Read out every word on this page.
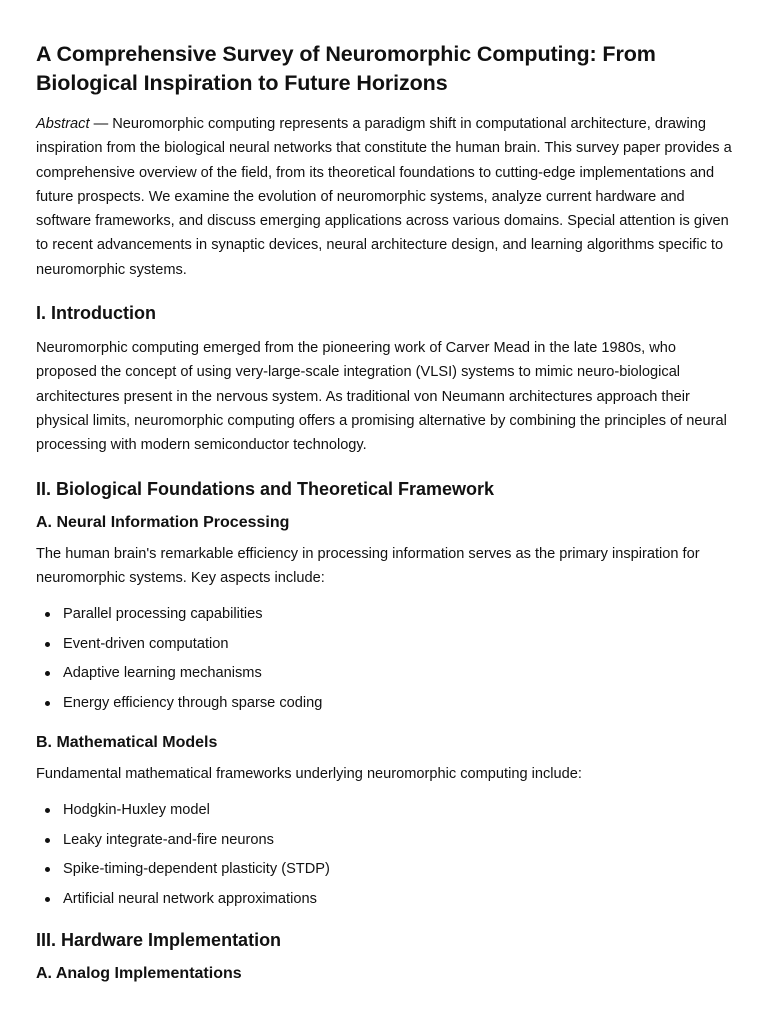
A Comprehensive Survey of Neuromorphic Computing: From Biological Inspiration to Future Horizons

Abstract — Neuromorphic computing represents a paradigm shift in computational architecture, drawing inspiration from the biological neural networks that constitute the human brain. This survey paper provides a comprehensive overview of the field, from its theoretical foundations to cutting-edge implementations and future prospects. We examine the evolution of neuromorphic systems, analyze current hardware and software frameworks, and discuss emerging applications across various domains. Special attention is given to recent advancements in synaptic devices, neural architecture design, and learning algorithms specific to neuromorphic systems.

I. Introduction

Neuromorphic computing emerged from the pioneering work of Carver Mead in the late 1980s, who proposed the concept of using very-large-scale integration (VLSI) systems to mimic neuro-biological architectures present in the nervous system. As traditional von Neumann architectures approach their physical limits, neuromorphic computing offers a promising alternative by combining the principles of neural processing with modern semiconductor technology.

II. Biological Foundations and Theoretical Framework
A. Neural Information Processing

The human brain's remarkable efficiency in processing information serves as the primary inspiration for neuromorphic systems. Key aspects include:

Parallel processing capabilities
Event-driven computation
Adaptive learning mechanisms
Energy efficiency through sparse coding
B. Mathematical Models

Fundamental mathematical frameworks underlying neuromorphic computing include:

Hodgkin-Huxley model
Leaky integrate-and-fire neurons
Spike-timing-dependent plasticity (STDP)
Artificial neural network approximations
III. Hardware Implementation
A. Analog Implementations
